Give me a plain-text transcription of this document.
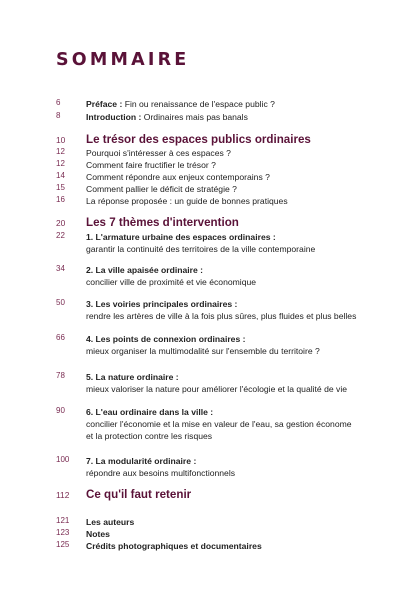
SOMMAIRE
6	Préface : Fin ou renaissance de l'espace public ?
8	Introduction : Ordinaires mais pas banals
10 Le trésor des espaces publics ordinaires
12 Pourquoi s'intéresser à ces espaces ?
12 Comment faire fructifier le trésor ?
14 Comment répondre aux enjeux contemporains ?
15 Comment pallier le déficit de stratégie ?
16 La réponse proposée : un guide de bonnes pratiques
20 Les 7 thèmes d'intervention
22 1. L'armature urbaine des espaces ordinaires :
garantir la continuité des territoires de la ville contemporaine
34 2. La ville apaisée ordinaire :
concilier ville de proximité et vie économique
50 3. Les voiries principales ordinaires :
rendre les artères de ville à la fois plus sûres, plus fluides et plus belles
66 4. Les points de connexion ordinaires :
mieux organiser la multimodalité sur l'ensemble du territoire ?
78 5. La nature ordinaire :
mieux valoriser la nature pour améliorer l'écologie et la qualité de vie
90 6. L'eau ordinaire dans la ville :
concilier l'économie et la mise en valeur de l'eau, sa gestion économe
et la protection contre les risques
100 7. La modularité ordinaire :
répondre aux besoins multifonctionnels
112 Ce qu'il faut retenir
121 Les auteurs
123 Notes
125 Crédits photographiques et documentaires
